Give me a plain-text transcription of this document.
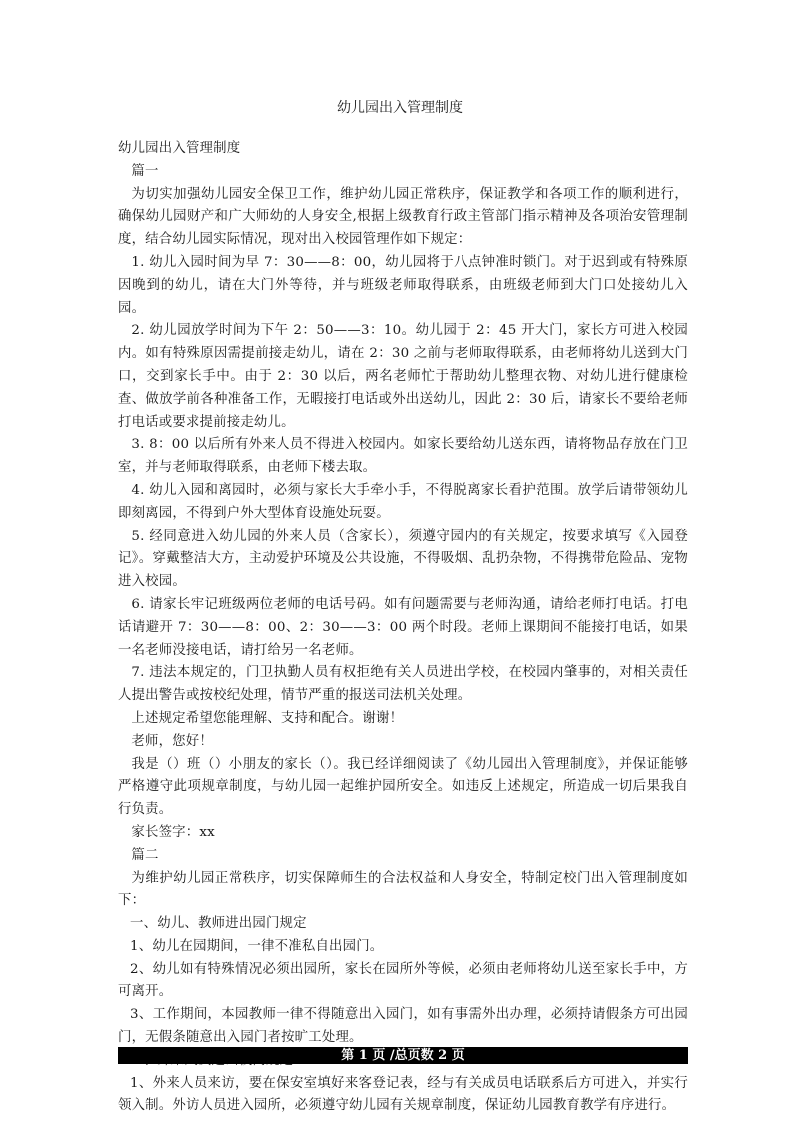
幼儿园出入管理制度

幼儿园出入管理制度

篇一

为切实加强幼儿园安全保卫工作，维护幼儿园正常秩序，保证教学和各项工作的顺利进行，确保幼儿园财产和广大师幼的人身安全,根据上级教育行政主管部门指示精神及各项治安管理制度，结合幼儿园实际情况，现对出入校园管理作如下规定：

1. 幼儿入园时间为早 7：30——8：00，幼儿园将于八点钟准时锁门。对于迟到或有特殊原因晚到的幼儿，请在大门外等待，并与班级老师取得联系，由班级老师到大门口处接幼儿入园。

2. 幼儿园放学时间为下午 2：50——3：10。幼儿园于 2：45 开大门，家长方可进入校园内。如有特殊原因需提前接走幼儿，请在 2：30 之前与老师取得联系，由老师将幼儿送到大门口，交到家长手中。由于 2：30 以后，两名老师忙于帮助幼儿整理衣物、对幼儿进行健康检查、做放学前各种准备工作，无暇接打电话或外出送幼儿，因此 2：30 后，请家长不要给老师打电话或要求提前接走幼儿。

3. 8：00 以后所有外来人员不得进入校园内。如家长要给幼儿送东西，请将物品存放在门卫室，并与老师取得联系，由老师下楼去取。

4. 幼儿入园和离园时，必须与家长大手牵小手，不得脱离家长看护范围。放学后请带领幼儿即刻离园，不得到户外大型体育设施处玩耍。

5. 经同意进入幼儿园的外来人员（含家长），须遵守园内的有关规定，按要求填写《入园登记》。穿戴整洁大方，主动爱护环境及公共设施，不得吸烟、乱扔杂物，不得携带危险品、宠物进入校园。

6. 请家长牢记班级两位老师的电话号码。如有问题需要与老师沟通，请给老师打电话。打电话请避开 7：30——8：00、2：30——3：00 两个时段。老师上课期间不能接打电话，如果一名老师没接电话，请打给另一名老师。

7. 违法本规定的，门卫执勤人员有权拒绝有关人员进出学校，在校园内肇事的，对相关责任人提出警告或按校纪处理，情节严重的报送司法机关处理。

上述规定希望您能理解、支持和配合。谢谢！

老师，您好！

我是（）班（）小朋友的家长（）。我已经详细阅读了《幼儿园出入管理制度》，并保证能够严格遵守此项规章制度，与幼儿园一起维护园所安全。如违反上述规定，所造成一切后果我自行负责。

家长签字：xx

篇二

为维护幼儿园正常秩序，切实保障师生的合法权益和人身安全，特制定校门出入管理制度如下：

一、幼儿、教师进出园门规定

1、幼儿在园期间，一律不准私自出园门。

2、幼儿如有特殊情况必须出园所，家长在园所外等候，必须由老师将幼儿送至家长手中，方可离开。

3、工作期间，本园教师一律不得随意出入园门，如有事需外出办理，必须持请假条方可出园门，无假条随意出入园门者按旷工处理。

1、外来人员来访，要在保安室填好来客登记表，经与有关成员电话联系后方可进入，并实行领入制。外访人员进入园所，必须遵守幼儿园有关规章制度，保证幼儿园教育教学有序进行。

第 1 页 /总页数 2 页
